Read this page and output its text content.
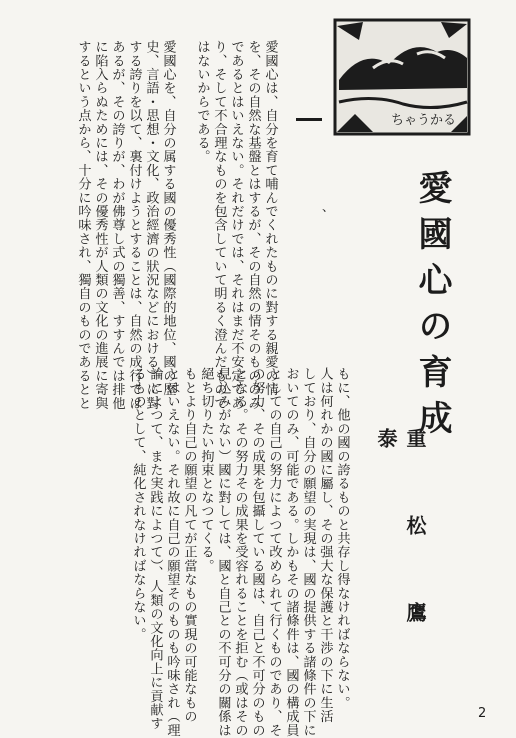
ちゃうかる
愛國心の育成
重 松 鷹 泰
、
愛國心は、自分を育て哺んでくれたものに對する親愛の情
を、その自然な基盤とはするが、その自然の情そのもののみ
であるとはいえない。それだけでは、それはまだ不安定であ
り、そして不合理なものを包含していて明るく澄んだもので
はないからである。
愛國心を、自分の属する國の優秀性（國際的地位、國の歷
史、言語・思想・文化、政治經濟の狀況などにおける）に對
する誇りを以て、裏付けようとすることは、自然の成行では
あるが、その誇りが、わが佛尊し式の獨善、すすんでは排他
に陷入らぬためには、その優秀性が人類の文化の進展に寄與
するという点から、十分に吟味され、獨自のものであるとと
もに、他の國の誇るものと共存し得なければならない。
人は何れかの國に屬し、その强大な保護と干渉の下に生活
しており、自分の願望の実現は、國の提供する諸條件の下に
おいてのみ、可能である。しかもその諸條件は、國の構成員
としての自己の努力によつて改められて行くものであり、そ
の努力、その成果を包攝している國は、自己と不可分のもの
となる。その努力その成果を受容れることを拒む（或はその
見込みがない）國に對しては、國と自己との不可分の關係は
絕ち切りたい拘束となつてくる。
もとより自己の願望の凡てが正當なもの實現の可能なもの
とはいえない。それ故に自己の願望そのものも吟味され（理
論によつて、また実践によつて）、人類の文化向上に貢献す
るものとして、純化されなければならない。
2
